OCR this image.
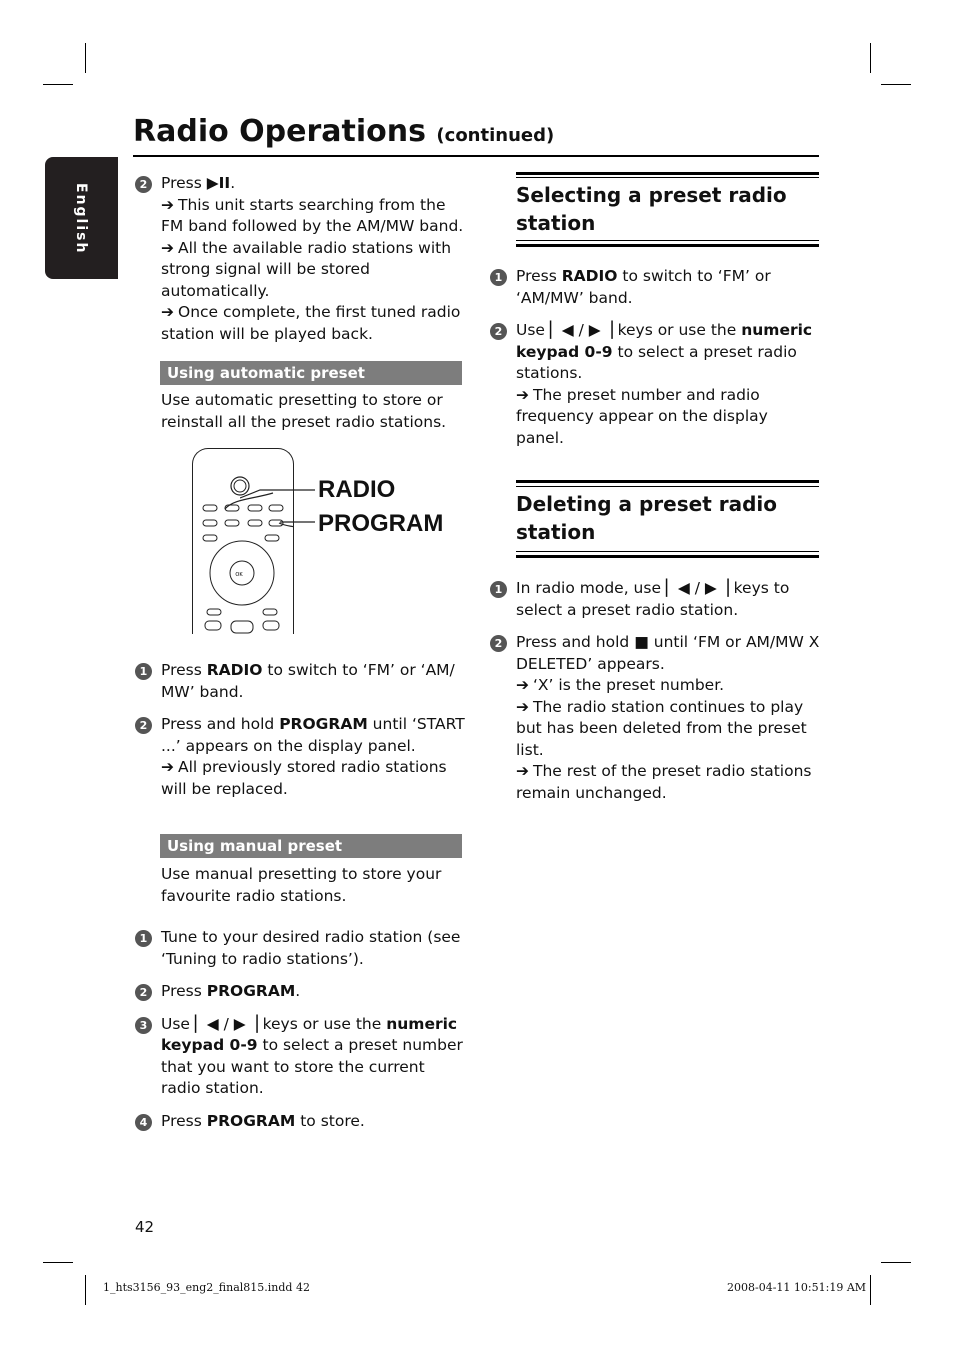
English
Radio Operations (continued)

2 Press ▶II.
➔ This unit starts searching from the FM band followed by the AM/MW band.
➔ All the available radio stations with strong signal will be stored automatically.
➔ Once complete, the first tuned radio station will be played back.

Using automatic preset
Use automatic presetting to store or reinstall all the preset radio stations.
OK
RADIO
PROGRAM

1 Press RADIO to switch to ‘FM’ or ‘AM/ MW’ band.

2 Press and hold PROGRAM until ‘START ...’ appears on the display panel.
➔ All previously stored radio stations will be replaced.

Using manual preset
Use manual presetting to store your favourite radio stations.

1 Tune to your desired radio station (see ‘Tuning to radio stations’).

2 Press PROGRAM.

3 Use ▏◀ / ▶▕ keys or use the numeric keypad 0-9 to select a preset number that you want to store the current radio station.

4 Press PROGRAM to store.

Selecting a preset radio station

1 Press RADIO to switch to ‘FM’ or ‘AM/MW’ band.

2 Use ▏◀ / ▶▕ keys or use the numeric keypad 0-9 to select a preset radio stations.
➔ The preset number and radio frequency appear on the display panel.

Deleting a preset radio station

1 In radio mode, use ▏◀ / ▶▕ keys to select a preset radio station.

2 Press and hold ■ until ‘FM or AM/MW X DELETED’ appears.
➔ ‘X’ is the preset number.
➔ The radio station continues to play but has been deleted from the preset list.
➔ The rest of the preset radio stations remain unchanged.

42
1_hts3156_93_eng2_final815.indd 42	2008-04-11 10:51:19 AM
